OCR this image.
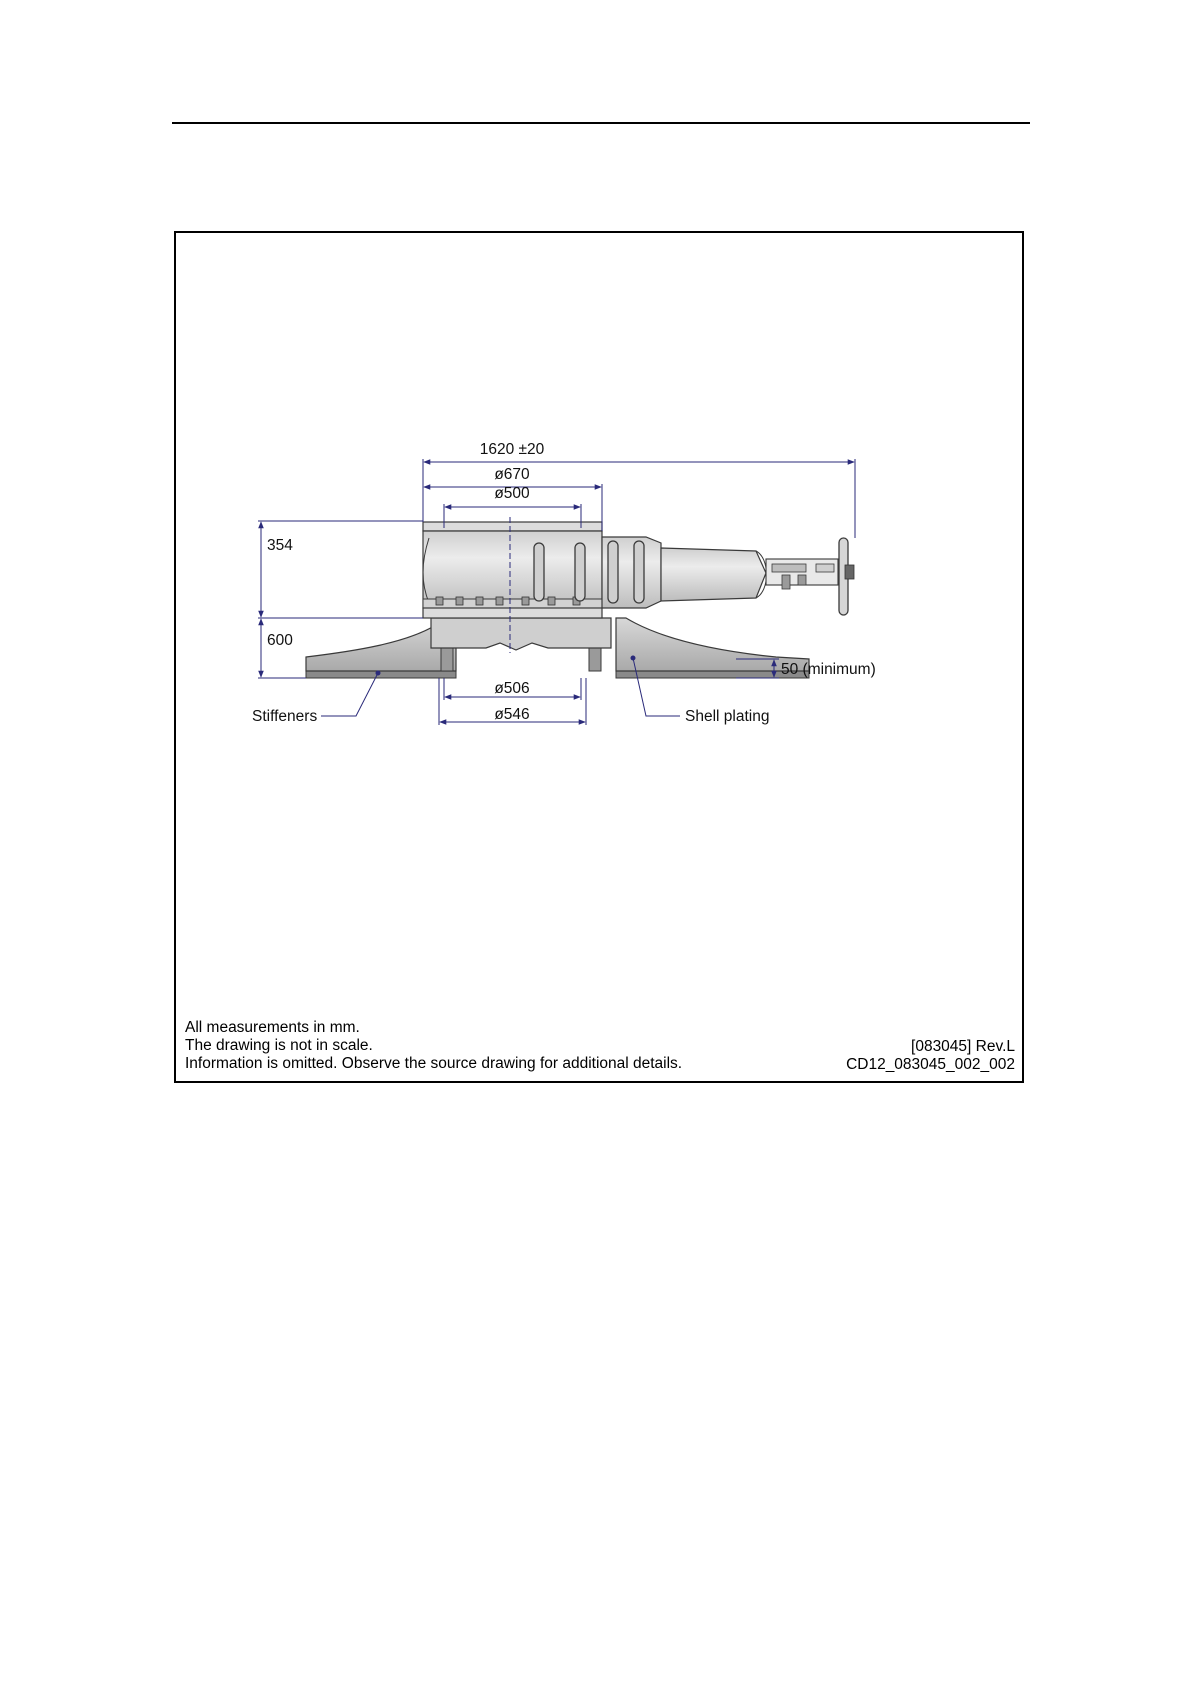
1620 ±20
ø670
ø500
354
600
50 (minimum)
ø506
ø546
Stiffeners	Shell plating
All measurements in mm.
The drawing is not in scale.
Information is omitted. Observe the source drawing for additional details.
[083045] Rev.L
CD12_083045_002_002
